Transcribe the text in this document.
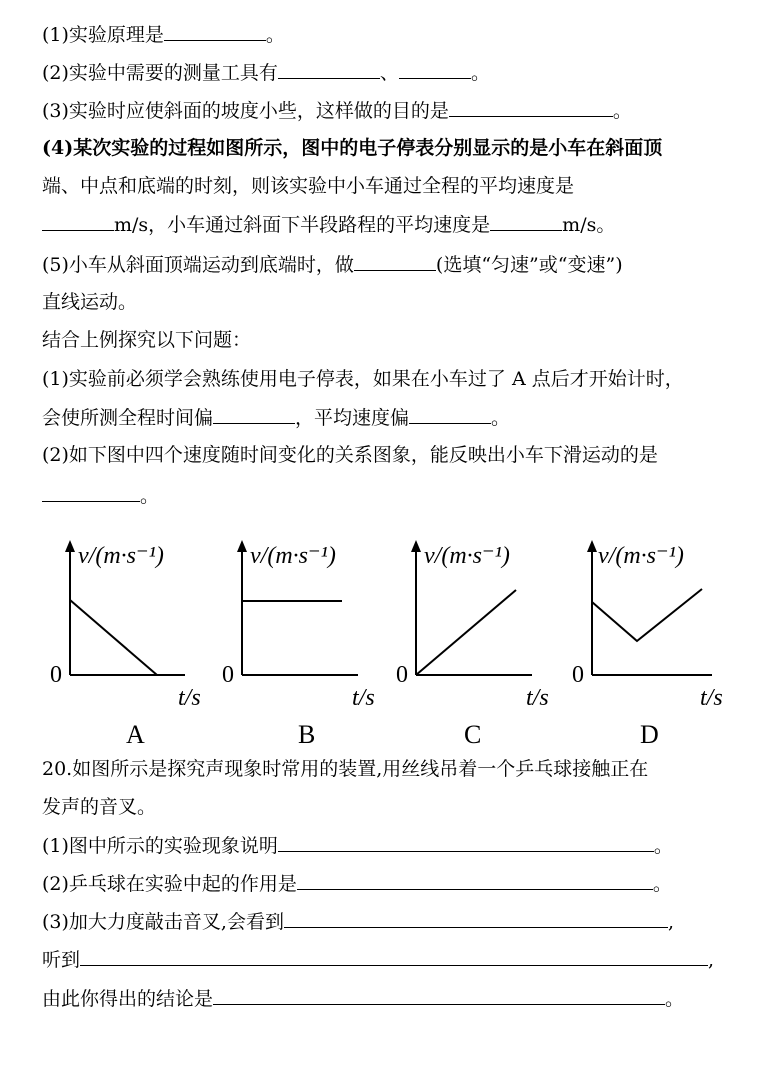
(1)实验原理是	。
(2)实验中需要的测量工具有	、	。
(3)实验时应使斜面的坡度小些，这样做的目的是	。
(4)某次实验的过程如图所示，图中的电子停表分别显示的是小车在斜面顶
端、中点和底端的时刻，则该实验中小车通过全程的平均速度是
m/s，小车通过斜面下半段路程的平均速度是	m/s。
(5)小车从斜面顶端运动到底端时，做	(选填“匀速”或“变速”)
直线运动。
结合上例探究以下问题：
(1)实验前必须学会熟练使用电子停表，如果在小车过了 A 点后才开始计时，
会使所测全程时间偏	，平均速度偏	。
(2)如下图中四个速度随时间变化的关系图象，能反映出小车下滑运动的是
。
v/(m·s⁻¹)
0
t/s
A
v/(m·s⁻¹)
0
t/s
B
v/(m·s⁻¹)
0
t/s
C
v/(m·s⁻¹)
0
t/s
D
20.如图所示是探究声现象时常用的装置,用丝线吊着一个乒乓球接触正在
发声的音叉。
(1)图中所示的实验现象说明	。
(2)乒乓球在实验中起的作用是	。
(3)加大力度敲击音叉,会看到	,
听到	,
由此你得出的结论是	。
